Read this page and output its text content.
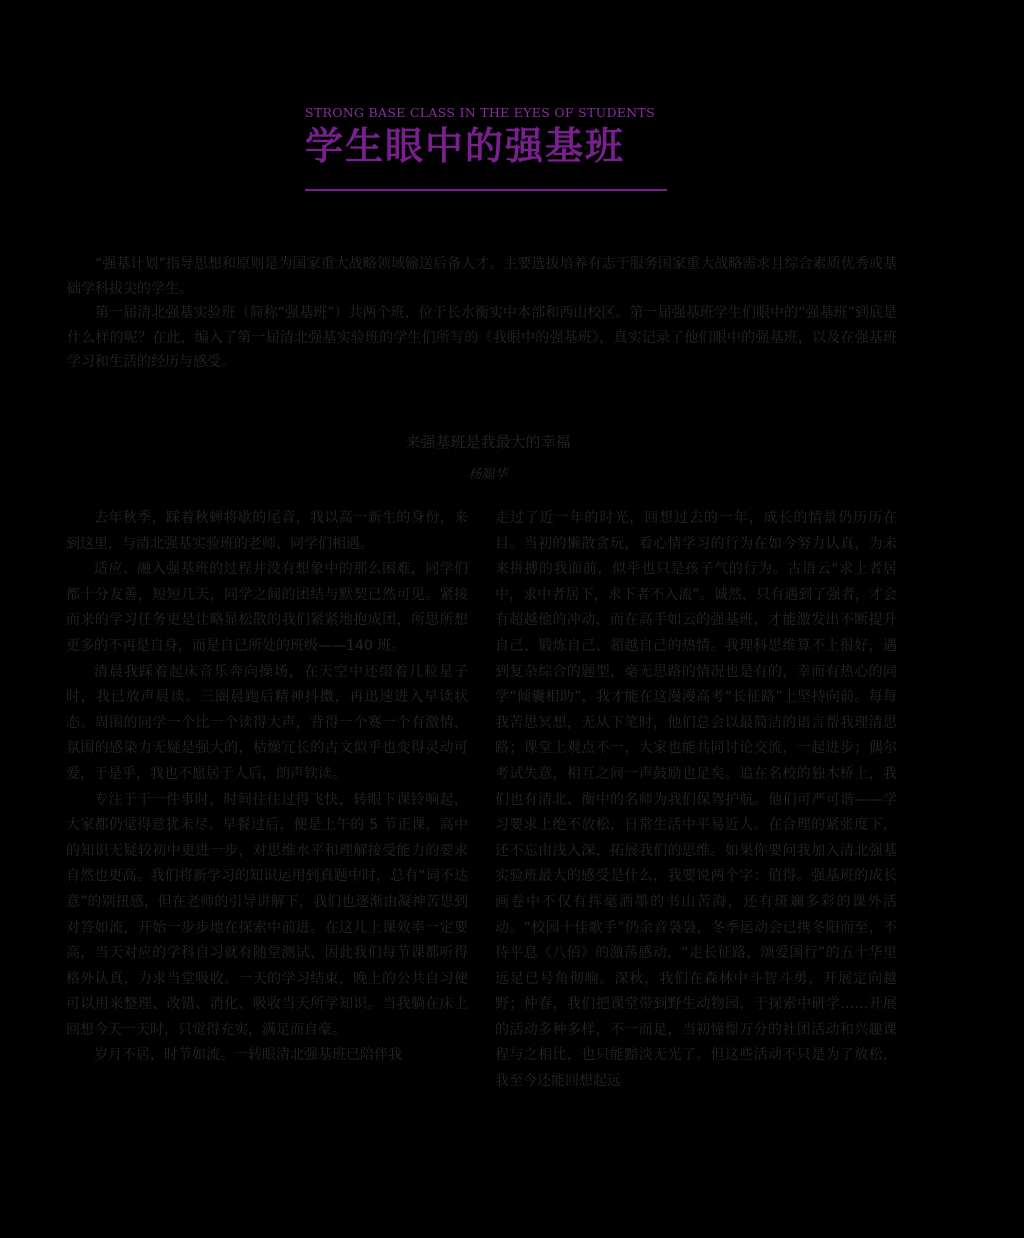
STRONG BASE CLASS IN THE EYES OF STUDENTS
学生眼中的强基班

“强基计划”指导思想和原则是为国家重大战略领域输送后备人才。主要选拔培养有志于服务国家重大战略需求且综合素质优秀或基础学科拔尖的学生。

第一届清北强基实验班（简称“强基班”）共两个班，位于长水衡实中本部和西山校区。第一届强基班学生们眼中的“强基班”到底是什么样的呢？在此，编入了第一届清北强基实验班的学生们所写的《我眼中的强基班》，真实记录了他们眼中的强基班，以及在强基班学习和生活的经历与感受。

来强基班是我最大的幸福
杨聪华

去年秋季，踩着秋蝉将歇的尾音，我以高一新生的身份，来到这里，与清北强基实验班的老师、同学们相遇。

适应、融入强基班的过程并没有想象中的那么困难，同学们都十分友善，短短几天，同学之间的团结与默契已然可见。紧接而来的学习任务更是让略显松散的我们紧紧地抱成团，所思所想更多的不再是自身，而是自己所处的班级——140 班。

清晨我踩着起床音乐奔向操场，在天空中还缀着几粒星子时，我已放声晨读。三圈晨跑后精神抖擞，再迅速进入早读状态。周围的同学一个比一个读得大声，背得一个赛一个有激情，氛围的感染力无疑是强大的，枯燥冗长的古文似乎也变得灵动可爱，于是乎，我也不愿居于人后，朗声铁读。

专注于干一件事时，时间往往过得飞快，转眼下课铃响起，大家都仍觉得意犹未尽。早餐过后，便是上午的 5 节正课，高中的知识无疑较初中更进一步，对思维水平和理解接受能力的要求自然也更高。我们将新学习的知识运用到真题中时，总有“词不达意”的别扭感，但在老师的引导讲解下，我们也逐渐由凝神苦思到对答如流，开始一步步地在探索中前进。在这儿上课效率一定要高，当天对应的学科自习就有随堂测试，因此我们每节课都听得格外认真，力求当堂吸收。一天的学习结束，晚上的公共自习便可以用来整理、改错、消化、吸收当天所学知识。当我躺在床上回想今天一天时，只觉得充实，满足而自豪。

岁月不居，时节如流。一转眼清北强基班已陪伴我

走过了近一年的时光，回想过去的一年，成长的情景仍历历在目。当初的懒散贪玩，看心情学习的行为在如今努力认真，为未来拼搏的我面前，似乎也只是孩子气的行为。古语云“求上者居中，求中者居下，求下者不入流”。诚然，只有遇到了强者，才会有超越他的冲动，而在高手如云的强基班，才能激发出不断提升自己、锻炼自己、超越自己的热情。我理科思维算不上很好，遇到复杂综合的题型，毫无思路的情况也是有的，幸而有热心的同学“倾囊相助”，我才能在这漫漫高考“长征路”上坚持向前。每每我苦思冥想，无从下笔时，他们总会以最简洁的语言帮我理清思路；课堂上观点不一，大家也能共同讨论交流，一起进步；偶尔考试失意，相互之间一声鼓励也足矣。追在名校的独木桥上，我们也有清北、衡中的名师为我们保驾护航。他们可严可谐——学习要求上绝不放松，日常生活中平易近人。在合理的紧张度下，还不忘由浅入深，拓展我们的思维。如果你要问我加入清北强基实验班最大的感受是什么，我要说两个字：值得。强基班的成长画卷中不仅有挥毫洒墨的书山苦海，还有斑斓多彩的课外活动。“校园十佳歌手”仍余音袅袅，冬季运动会已携冬阳而至，不待平息《八佰》的激荡感动，“走长征路，颂爱国行”的五十华里远足已号角彻响。深秋，我们在森林中斗智斗勇，开展定向越野；仲春，我们把课堂带到野生动物园，于探索中研学……开展的活动多种多样，不一而足，当初憧憬万分的社团活动和兴趣课程与之相比，也只能黯淡无光了。但这些活动不只是为了放松，我至今还能回想起远
